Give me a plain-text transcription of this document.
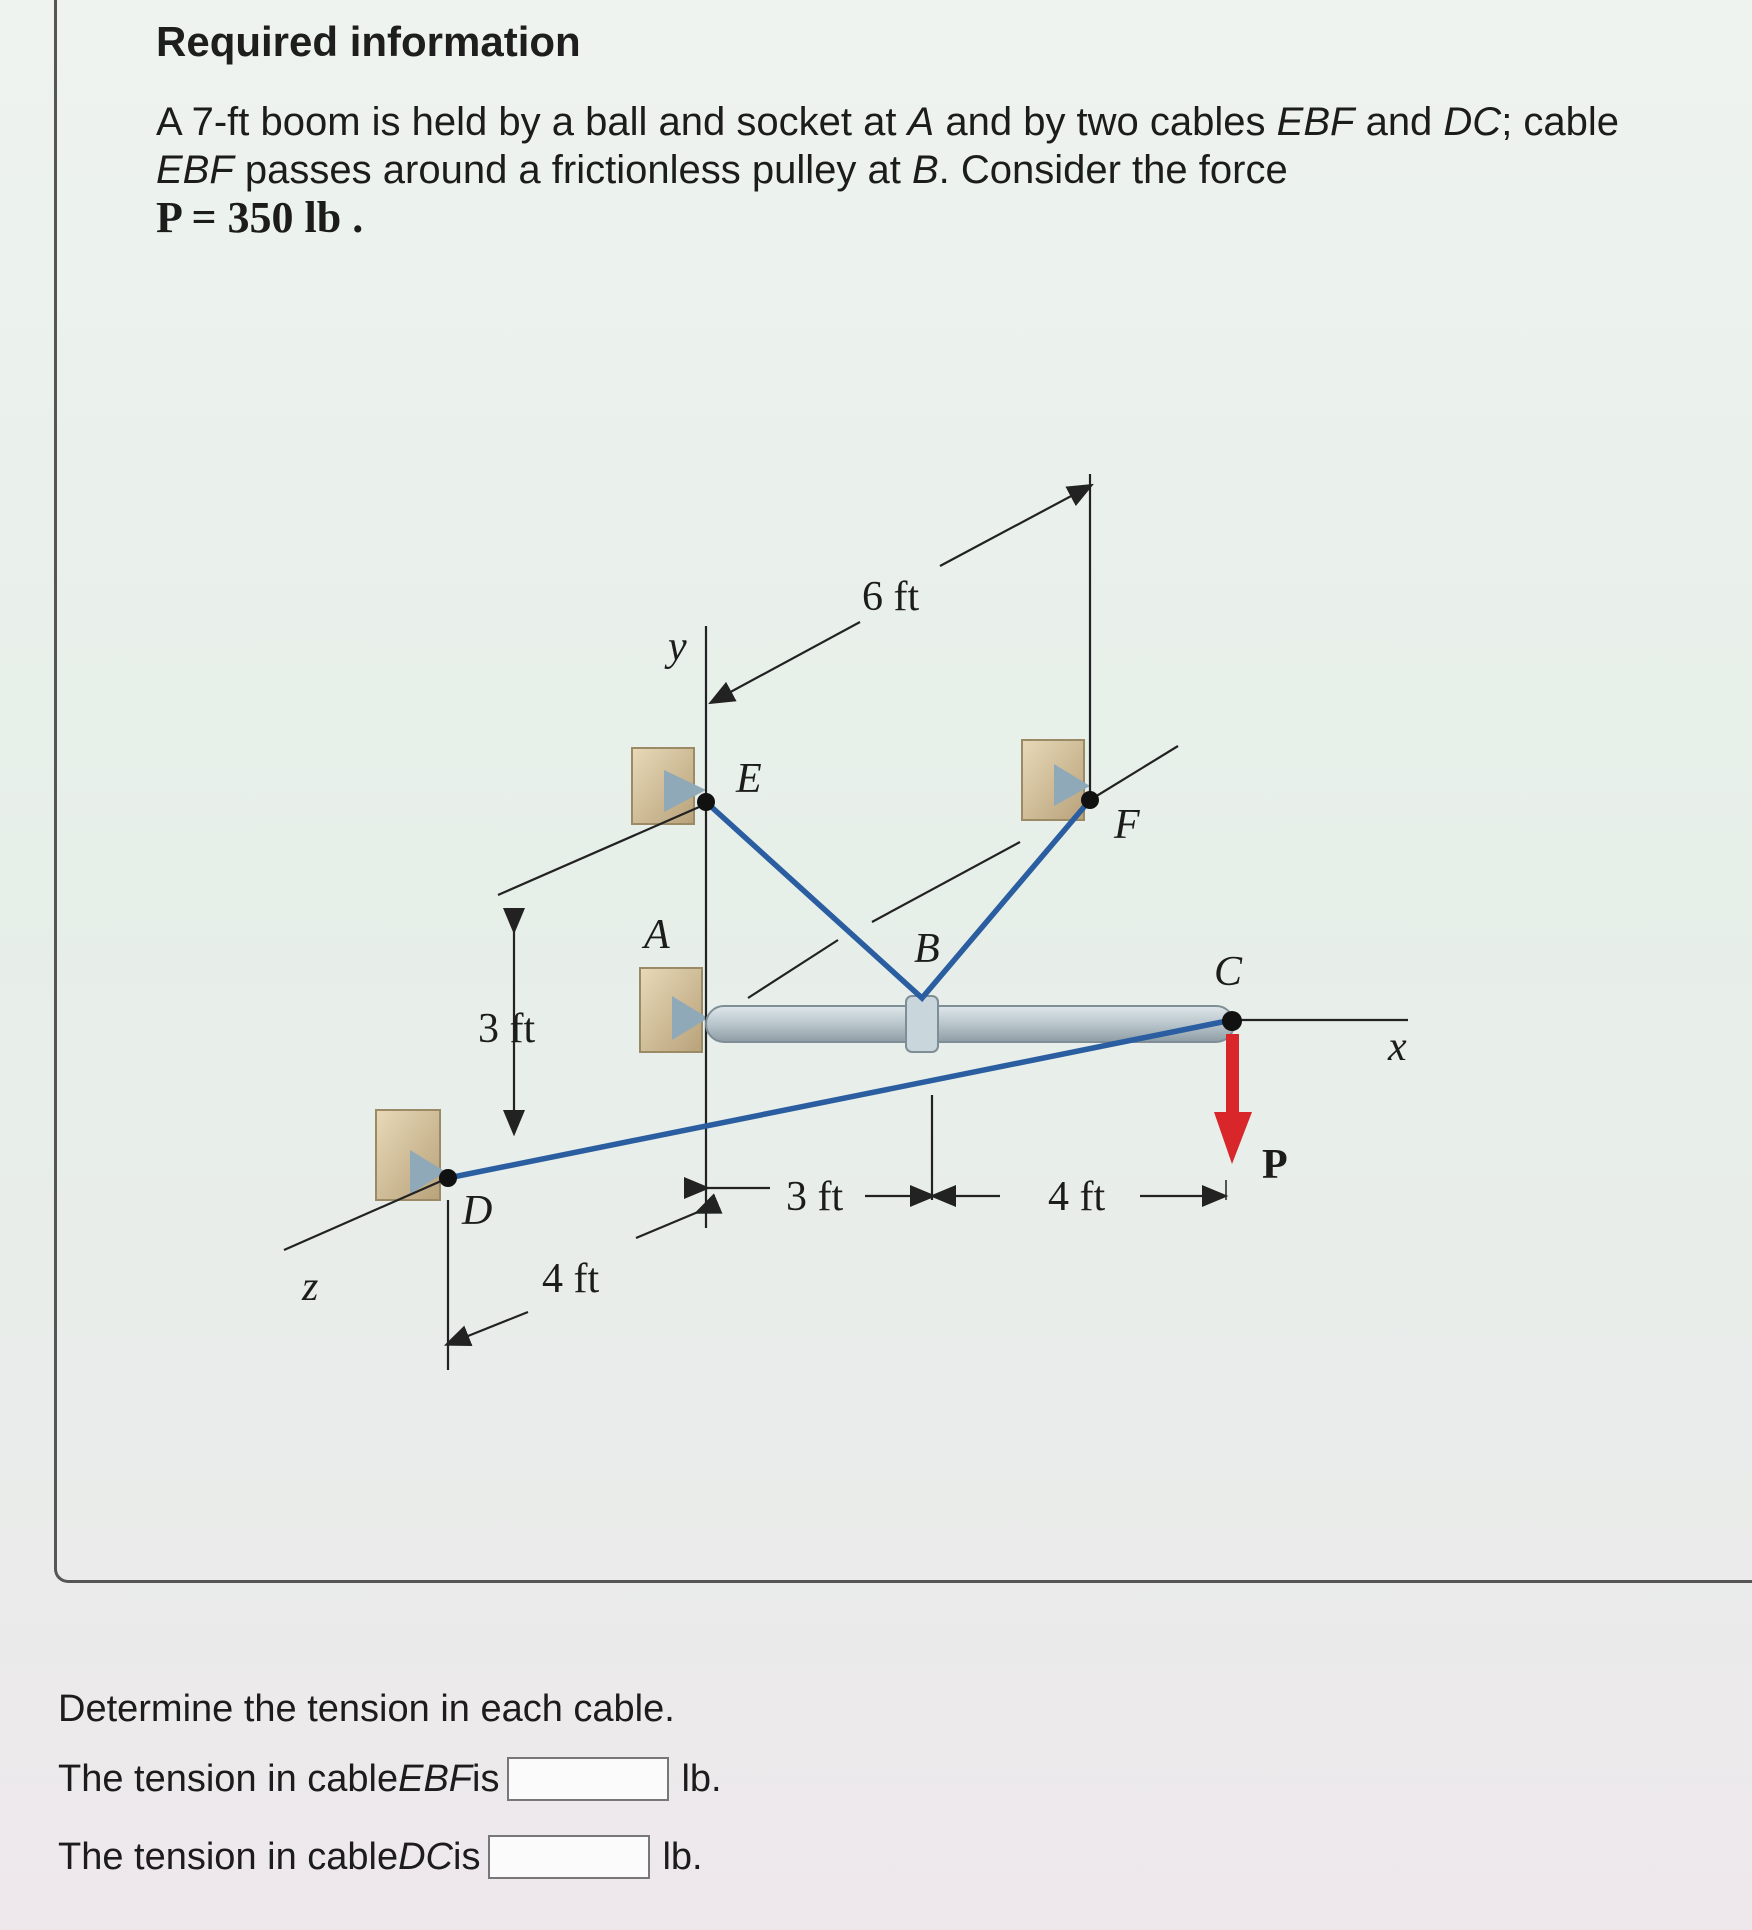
Required information
A 7-ft boom is held by a ball and socket at A and by two cables EBF and DC; cable EBF passes around a frictionless pulley at B. Consider the force
P = 350 lb .
y
x
z
E
F
A	B	C
D
P
6 ft
3 ft
4 ft
3 ft	4 ft
Determine the tension in each cable.
The tension in cable EBF is	lb.
The tension in cable DC is	lb.
